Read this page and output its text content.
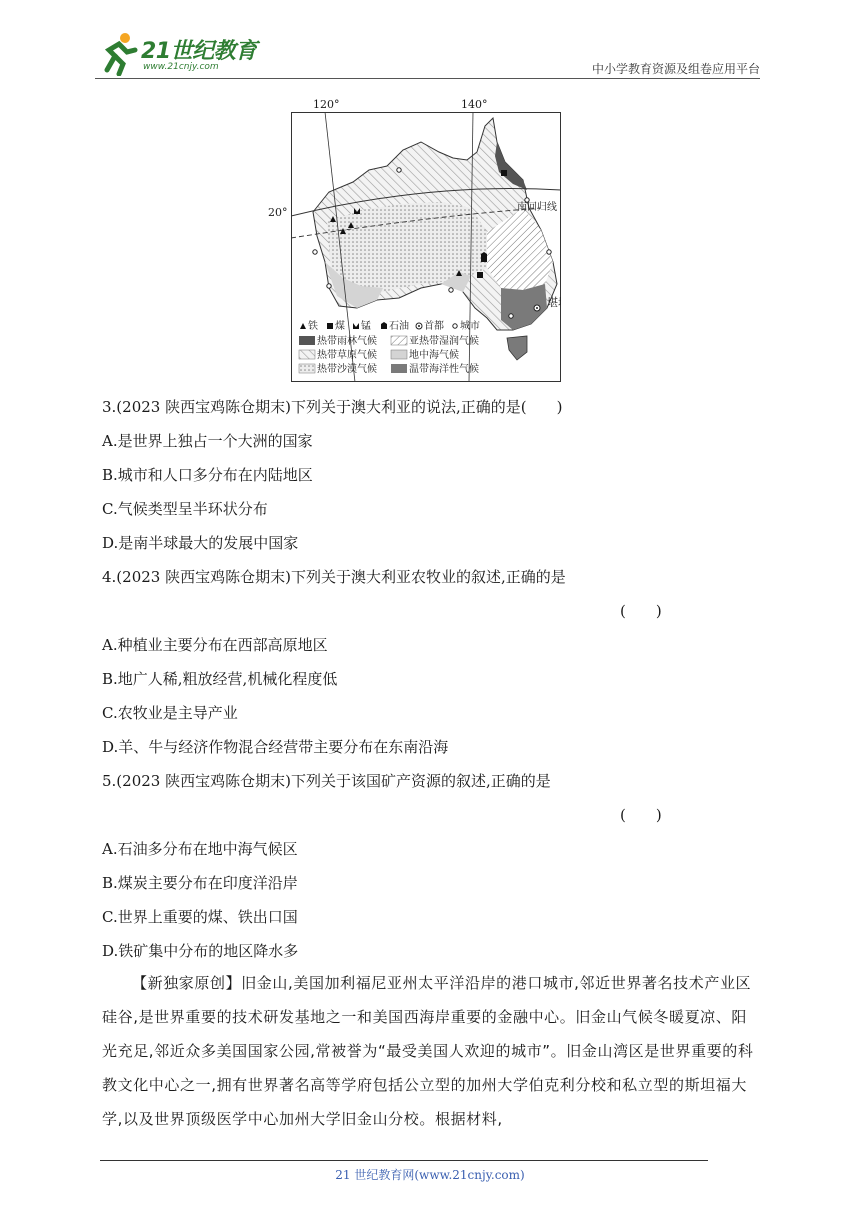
21世纪教育
www.21cnjy.com	中小学教育资源及组卷应用平台
南回归线
堪
铁 煤 锰 石油 首都 城市
热带雨林气候	亚热带湿润气候
热带草原气候	地中海气候
热带沙漠气候	温带海洋性气候
120°	140°
20°
3.(2023 陕西宝鸡陈仓期末)下列关于澳大利亚的说法,正确的是(　　)
A.是世界上独占一个大洲的国家
B.城市和人口多分布在内陆地区
C.气候类型呈半环状分布
D.是南半球最大的发展中国家
4.(2023 陕西宝鸡陈仓期末)下列关于澳大利亚农牧业的叙述,正确的是
(　　)
A.种植业主要分布在西部高原地区
B.地广人稀,粗放经营,机械化程度低
C.农牧业是主导产业
D.羊、牛与经济作物混合经营带主要分布在东南沿海
5.(2023 陕西宝鸡陈仓期末)下列关于该国矿产资源的叙述,正确的是
(　　)
A.石油多分布在地中海气候区
B.煤炭主要分布在印度洋沿岸
C.世界上重要的煤、铁出口国
D.铁矿集中分布的地区降水多
【新独家原创】旧金山,美国加利福尼亚州太平洋沿岸的港口城市,邻近世界著名技术产业区硅谷,是世界重要的技术研发基地之一和美国西海岸重要的金融中心。旧金山气候冬暖夏凉、阳光充足,邻近众多美国国家公园,常被誉为“最受美国人欢迎的城市”。旧金山湾区是世界重要的科教文化中心之一,拥有世界著名高等学府包括公立型的加州大学伯克利分校和私立型的斯坦福大学,以及世界顶级医学中心加州大学旧金山分校。根据材料,
21 世纪教育网(www.21cnjy.com)
